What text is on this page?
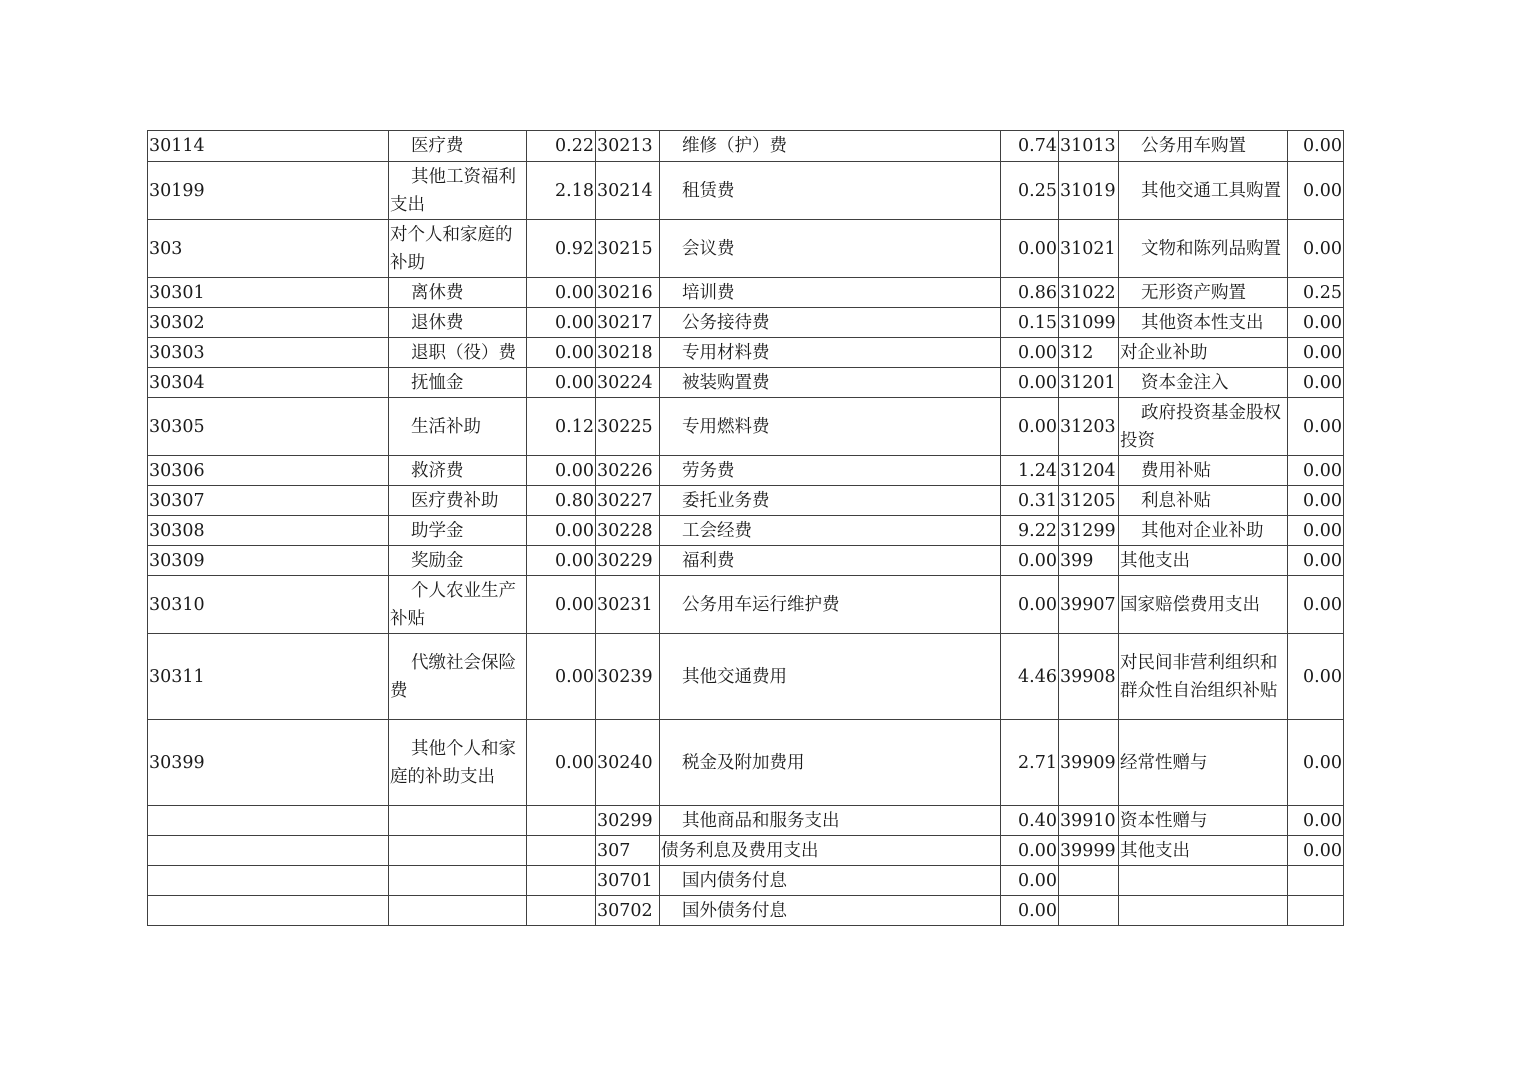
30114	医疗费	0.22	30213	维修（护）费	0.74	31013	公务用车购置	0.00
30199	其他工资福利支出	2.18	30214	租赁费	0.25	31019	其他交通工具购置	0.00
303	对个人和家庭的补助	0.92	30215	会议费	0.00	31021	文物和陈列品购置	0.00
30301	离休费	0.00	30216	培训费	0.86	31022	无形资产购置	0.25
30302	退休费	0.00	30217	公务接待费	0.15	31099	其他资本性支出	0.00
30303	退职（役）费	0.00	30218	专用材料费	0.00	312	对企业补助	0.00
30304	抚恤金	0.00	30224	被装购置费	0.00	31201	资本金注入	0.00
30305	生活补助	0.12	30225	专用燃料费	0.00	31203	政府投资基金股权投资	0.00
30306	救济费	0.00	30226	劳务费	1.24	31204	费用补贴	0.00
30307	医疗费补助	0.80	30227	委托业务费	0.31	31205	利息补贴	0.00
30308	助学金	0.00	30228	工会经费	9.22	31299	其他对企业补助	0.00
30309	奖励金	0.00	30229	福利费	0.00	399	其他支出	0.00
30310	个人农业生产补贴	0.00	30231	公务用车运行维护费	0.00	39907	国家赔偿费用支出	0.00
30311	代缴社会保险费	0.00	30239	其他交通费用	4.46	39908	对民间非营利组织和群众性自治组织补贴	0.00
30399	其他个人和家庭的补助支出	0.00	30240	税金及附加费用	2.71	39909	经常性赠与	0.00
			30299	其他商品和服务支出	0.40	39910	资本性赠与	0.00
			307	债务利息及费用支出	0.00	39999	其他支出	0.00
			30701	国内债务付息	0.00			
			30702	国外债务付息	0.00			
